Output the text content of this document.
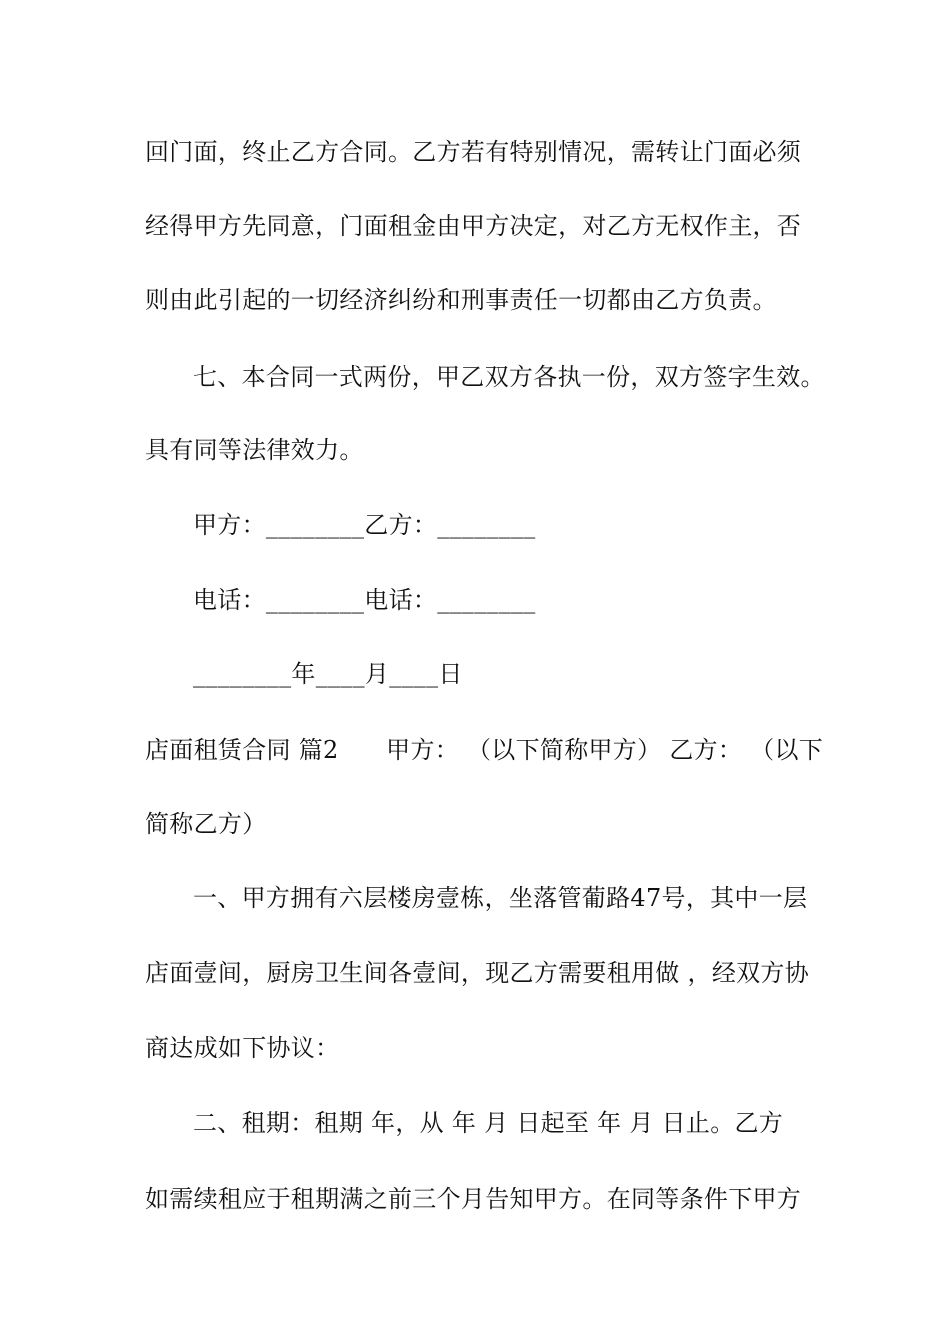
回门面，终止乙方合同。乙方若有特别情况，需转让门面必须
经得甲方先同意，门面租金由甲方决定，对乙方无权作主，否
则由此引起的一切经济纠纷和刑事责任一切都由乙方负责。
七、本合同一式两份，甲乙双方各执一份，双方签字生效。
具有同等法律效力。
甲方：________乙方：________
电话：________电话：________
________年____月____日
店面租赁合同 篇2      甲方： （以下简称甲方） 乙方： （以下
简称乙方）
一、甲方拥有六层楼房壹栋，坐落管葡路47号，其中一层
店面壹间，厨房卫生间各壹间，现乙方需要租用做 ，经双方协
商达成如下协议：
二、租期：租期 年，从 年 月 日起至 年 月 日止。乙方
如需续租应于租期满之前三个月告知甲方。在同等条件下甲方
